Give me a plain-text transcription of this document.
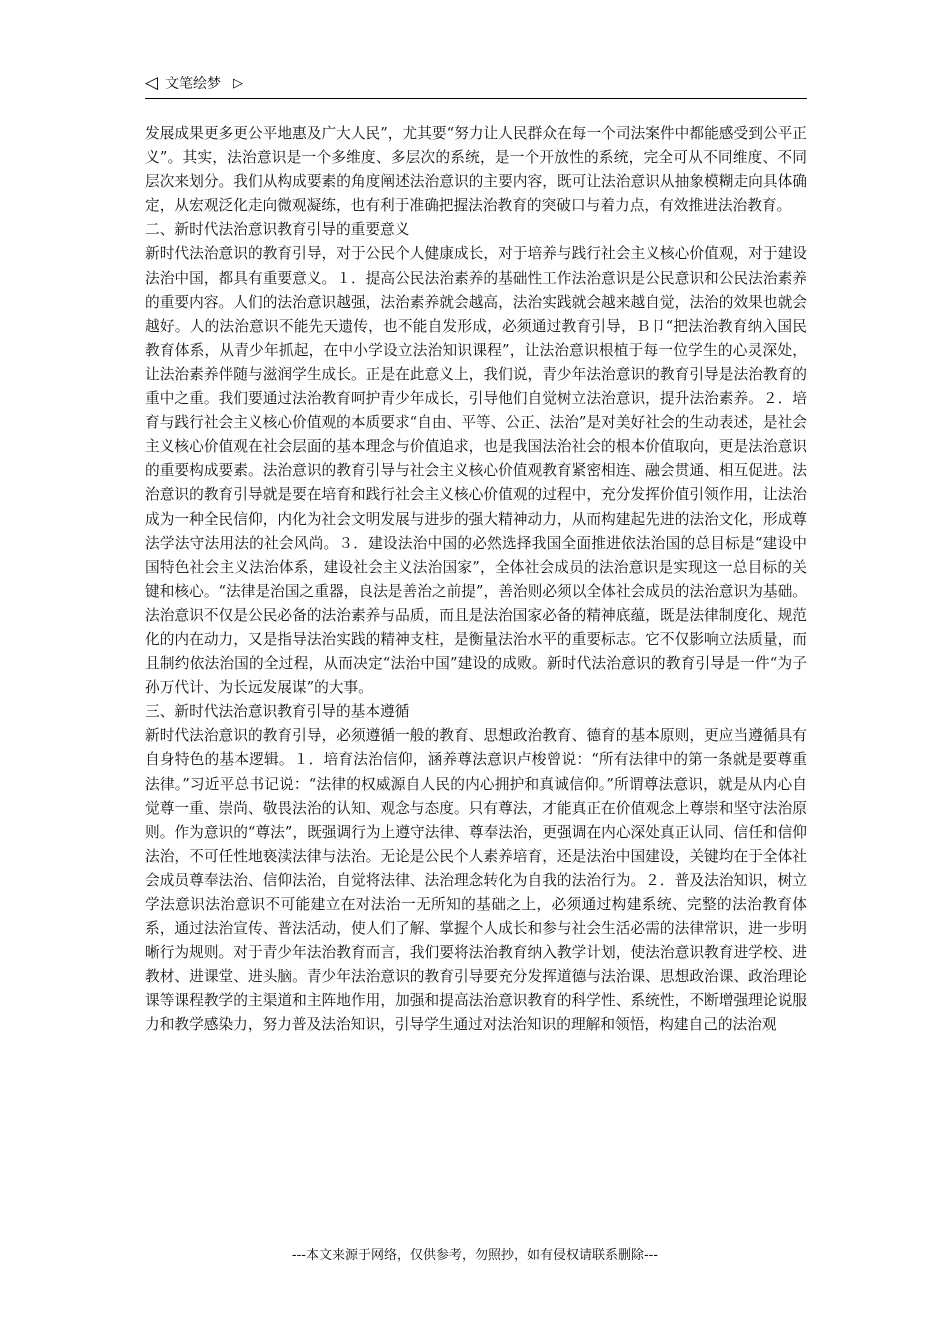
◁ 文笔绘梦 ▷

发展成果更多更公平地惠及广大人民”，尤其要“努力让人民群众在每一个司法案件中都能感受到公平正义”。其实，法治意识是一个多维度、多层次的系统，是一个开放性的系统，完全可从不同维度、不同层次来划分。我们从构成要素的角度阐述法治意识的主要内容，既可让法治意识从抽象模糊走向具体确定，从宏观泛化走向微观凝练，也有利于准确把握法治教育的突破口与着力点，有效推进法治教育。

二、新时代法治意识教育引导的重要意义

新时代法治意识的教育引导，对于公民个人健康成长，对于培养与践行社会主义核心价值观，对于建设法治中国，都具有重要意义。１．提高公民法治素养的基础性工作法治意识是公民意识和公民法治素养的重要内容。人们的法治意识越强，法治素养就会越高，法治实践就会越来越自觉，法治的效果也就会越好。人的法治意识不能先天遗传，也不能自发形成，必须通过教育引导，Ｂ卩“把法治教育纳入国民教育体系，从青少年抓起，在中小学设立法治知识课程”，让法治意识根植于每一位学生的心灵深处，让法治素养伴随与滋润学生成长。正是在此意义上，我们说，青少年法治意识的教育引导是法治教育的重中之重。我们要通过法治教育呵护青少年成长，引导他们自觉树立法治意识，提升法治素养。２．培育与践行社会主义核心价值观的本质要求“自由、平等、公正、法治”是对美好社会的生动表述，是社会主义核心价值观在社会层面的基本理念与价值追求，也是我国法治社会的根本价值取向，更是法治意识的重要构成要素。法治意识的教育引导与社会主义核心价值观教育紧密相连、融会贯通、相互促进。法治意识的教育引导就是要在培育和践行社会主义核心价值观的过程中，充分发挥价值引领作用，让法治成为一种全民信仰，内化为社会文明发展与进步的强大精神动力，从而构建起先进的法治文化，形成尊法学法守法用法的社会风尚。３．建设法治中国的必然选择我国全面推进依法治国的总目标是“建设中国特色社会主义法治体系，建设社会主义法治国家”，全体社会成员的法治意识是实现这一总目标的关键和核心。“法律是治国之重器，良法是善治之前提”，善治则必须以全体社会成员的法治意识为基础。法治意识不仅是公民必备的法治素养与品质，而且是法治国家必备的精神底蕴，既是法律制度化、规范化的内在动力，又是指导法治实践的精神支柱，是衡量法治水平的重要标志。它不仅影响立法质量，而且制约依法治国的全过程，从而决定“法治中国”建设的成败。新时代法治意识的教育引导是一件“为子孙万代计、为长远发展谋”的大事。

三、新时代法治意识教育引导的基本遵循

新时代法治意识的教育引导，必须遵循一般的教育、思想政治教育、德育的基本原则，更应当遵循具有自身特色的基本逻辑。１．培育法治信仰，涵养尊法意识卢梭曾说：“所有法律中的第一条就是要尊重法律。”习近平总书记说：“法律的权威源自人民的内心拥护和真诚信仰。”所谓尊法意识，就是从内心自觉尊一重、崇尚、敬畏法治的认知、观念与态度。只有尊法，才能真正在价值观念上尊崇和坚守法治原则。作为意识的“尊法”，既强调行为上遵守法律、尊奉法治，更强调在内心深处真正认同、信任和信仰法治，不可任性地亵渎法律与法治。无论是公民个人素养培育，还是法治中国建设，关键均在于全体社会成员尊奉法治、信仰法治，自觉将法律、法治理念转化为自我的法治行为。２．普及法治知识，树立学法意识法治意识不可能建立在对法治一无所知的基础之上，必须通过构建系统、完整的法治教育体系，通过法治宣传、普法活动，使人们了解、掌握个人成长和参与社会生活必需的法律常识，进一步明晰行为规则。对于青少年法治教育而言，我们要将法治教育纳入教学计划，使法治意识教育进学校、进教材、进课堂、进头脑。青少年法治意识的教育引导要充分发挥道德与法治课、思想政治课、政治理论课等课程教学的主渠道和主阵地作用，加强和提高法治意识教育的科学性、系统性，不断增强理论说服力和教学感染力，努力普及法治知识，引导学生通过对法治知识的理解和领悟，构建自己的法治观

---本文来源于网络，仅供参考，勿照抄，如有侵权请联系删除---
